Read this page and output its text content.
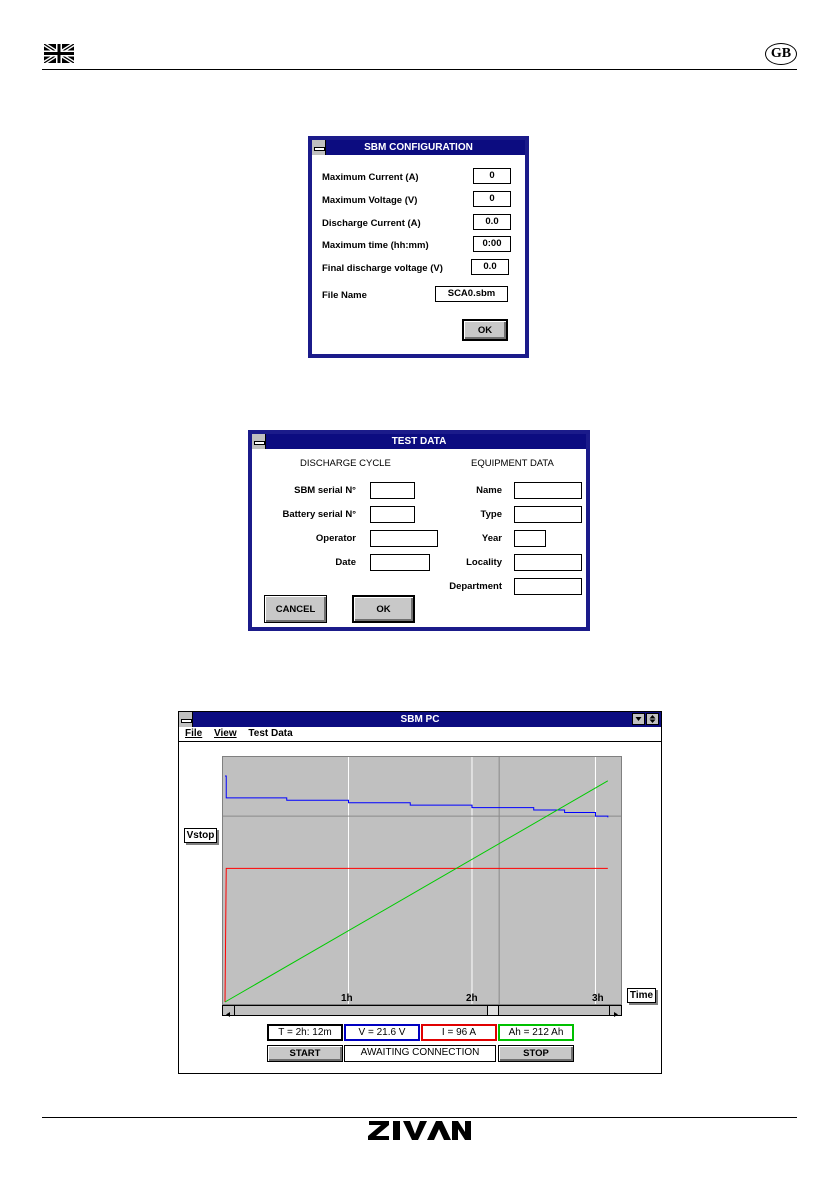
GB
SBM CONFIGURATION
Maximum Current (A)	0
Maximum Voltage (V)	0
Discharge Current (A)	0.0
Maximum time (hh:mm)	0:00
Final discharge voltage (V)	0.0
File Name	SCA0.sbm
OK
TEST DATA
DISCHARGE CYCLE	EQUIPMENT DATA
SBM serial N°
Battery serial N°
Operator
Date
Name
Type
Year
Locality
Department
CANCEL	OK
SBM PC
File View Test Data
1h	2h	3h
Vstop
Time
T = 2h: 12m	V = 21.6 V	I = 96 A	Ah = 212 Ah
START	AWAITING CONNECTION	STOP
